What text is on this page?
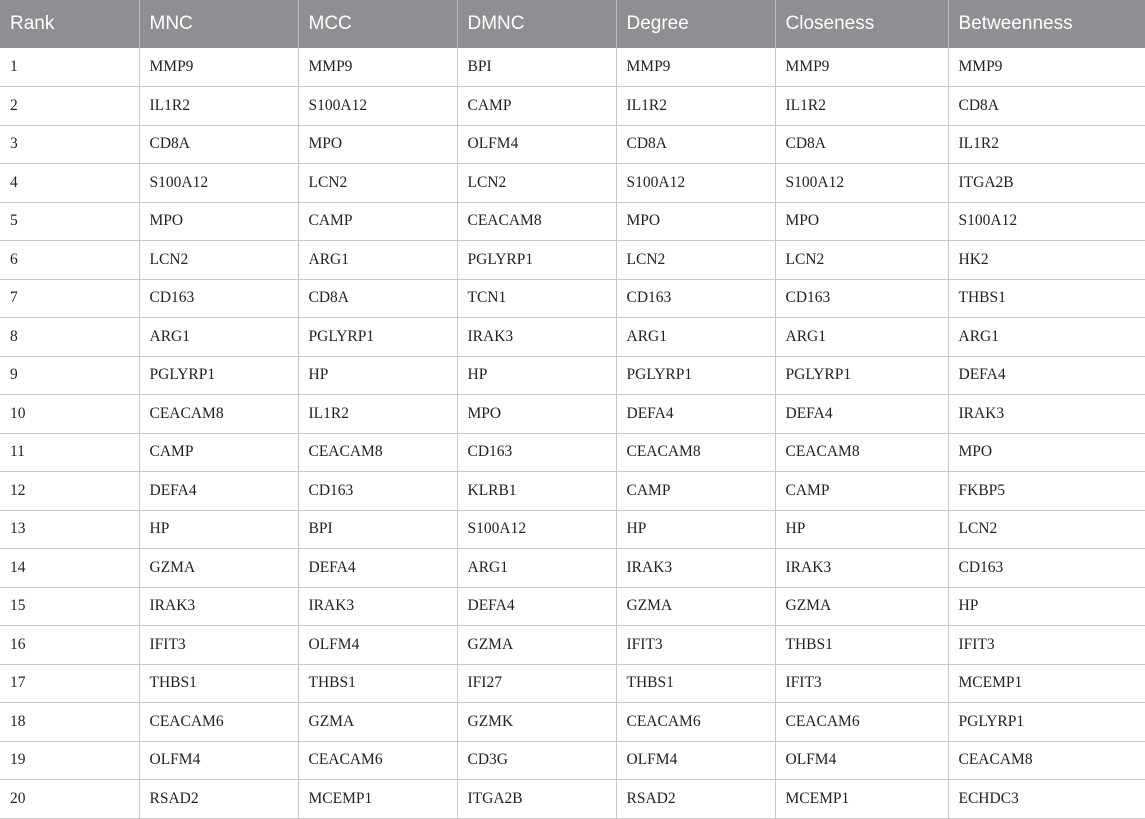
Rank	MNC	MCC	DMNC	Degree	Closeness	Betweenness
1	MMP9	MMP9	BPI	MMP9	MMP9	MMP9
2	IL1R2	S100A12	CAMP	IL1R2	IL1R2	CD8A
3	CD8A	MPO	OLFM4	CD8A	CD8A	IL1R2
4	S100A12	LCN2	LCN2	S100A12	S100A12	ITGA2B
5	MPO	CAMP	CEACAM8	MPO	MPO	S100A12
6	LCN2	ARG1	PGLYRP1	LCN2	LCN2	HK2
7	CD163	CD8A	TCN1	CD163	CD163	THBS1
8	ARG1	PGLYRP1	IRAK3	ARG1	ARG1	ARG1
9	PGLYRP1	HP	HP	PGLYRP1	PGLYRP1	DEFA4
10	CEACAM8	IL1R2	MPO	DEFA4	DEFA4	IRAK3
11	CAMP	CEACAM8	CD163	CEACAM8	CEACAM8	MPO
12	DEFA4	CD163	KLRB1	CAMP	CAMP	FKBP5
13	HP	BPI	S100A12	HP	HP	LCN2
14	GZMA	DEFA4	ARG1	IRAK3	IRAK3	CD163
15	IRAK3	IRAK3	DEFA4	GZMA	GZMA	HP
16	IFIT3	OLFM4	GZMA	IFIT3	THBS1	IFIT3
17	THBS1	THBS1	IFI27	THBS1	IFIT3	MCEMP1
18	CEACAM6	GZMA	GZMK	CEACAM6	CEACAM6	PGLYRP1
19	OLFM4	CEACAM6	CD3G	OLFM4	OLFM4	CEACAM8
20	RSAD2	MCEMP1	ITGA2B	RSAD2	MCEMP1	ECHDC3
